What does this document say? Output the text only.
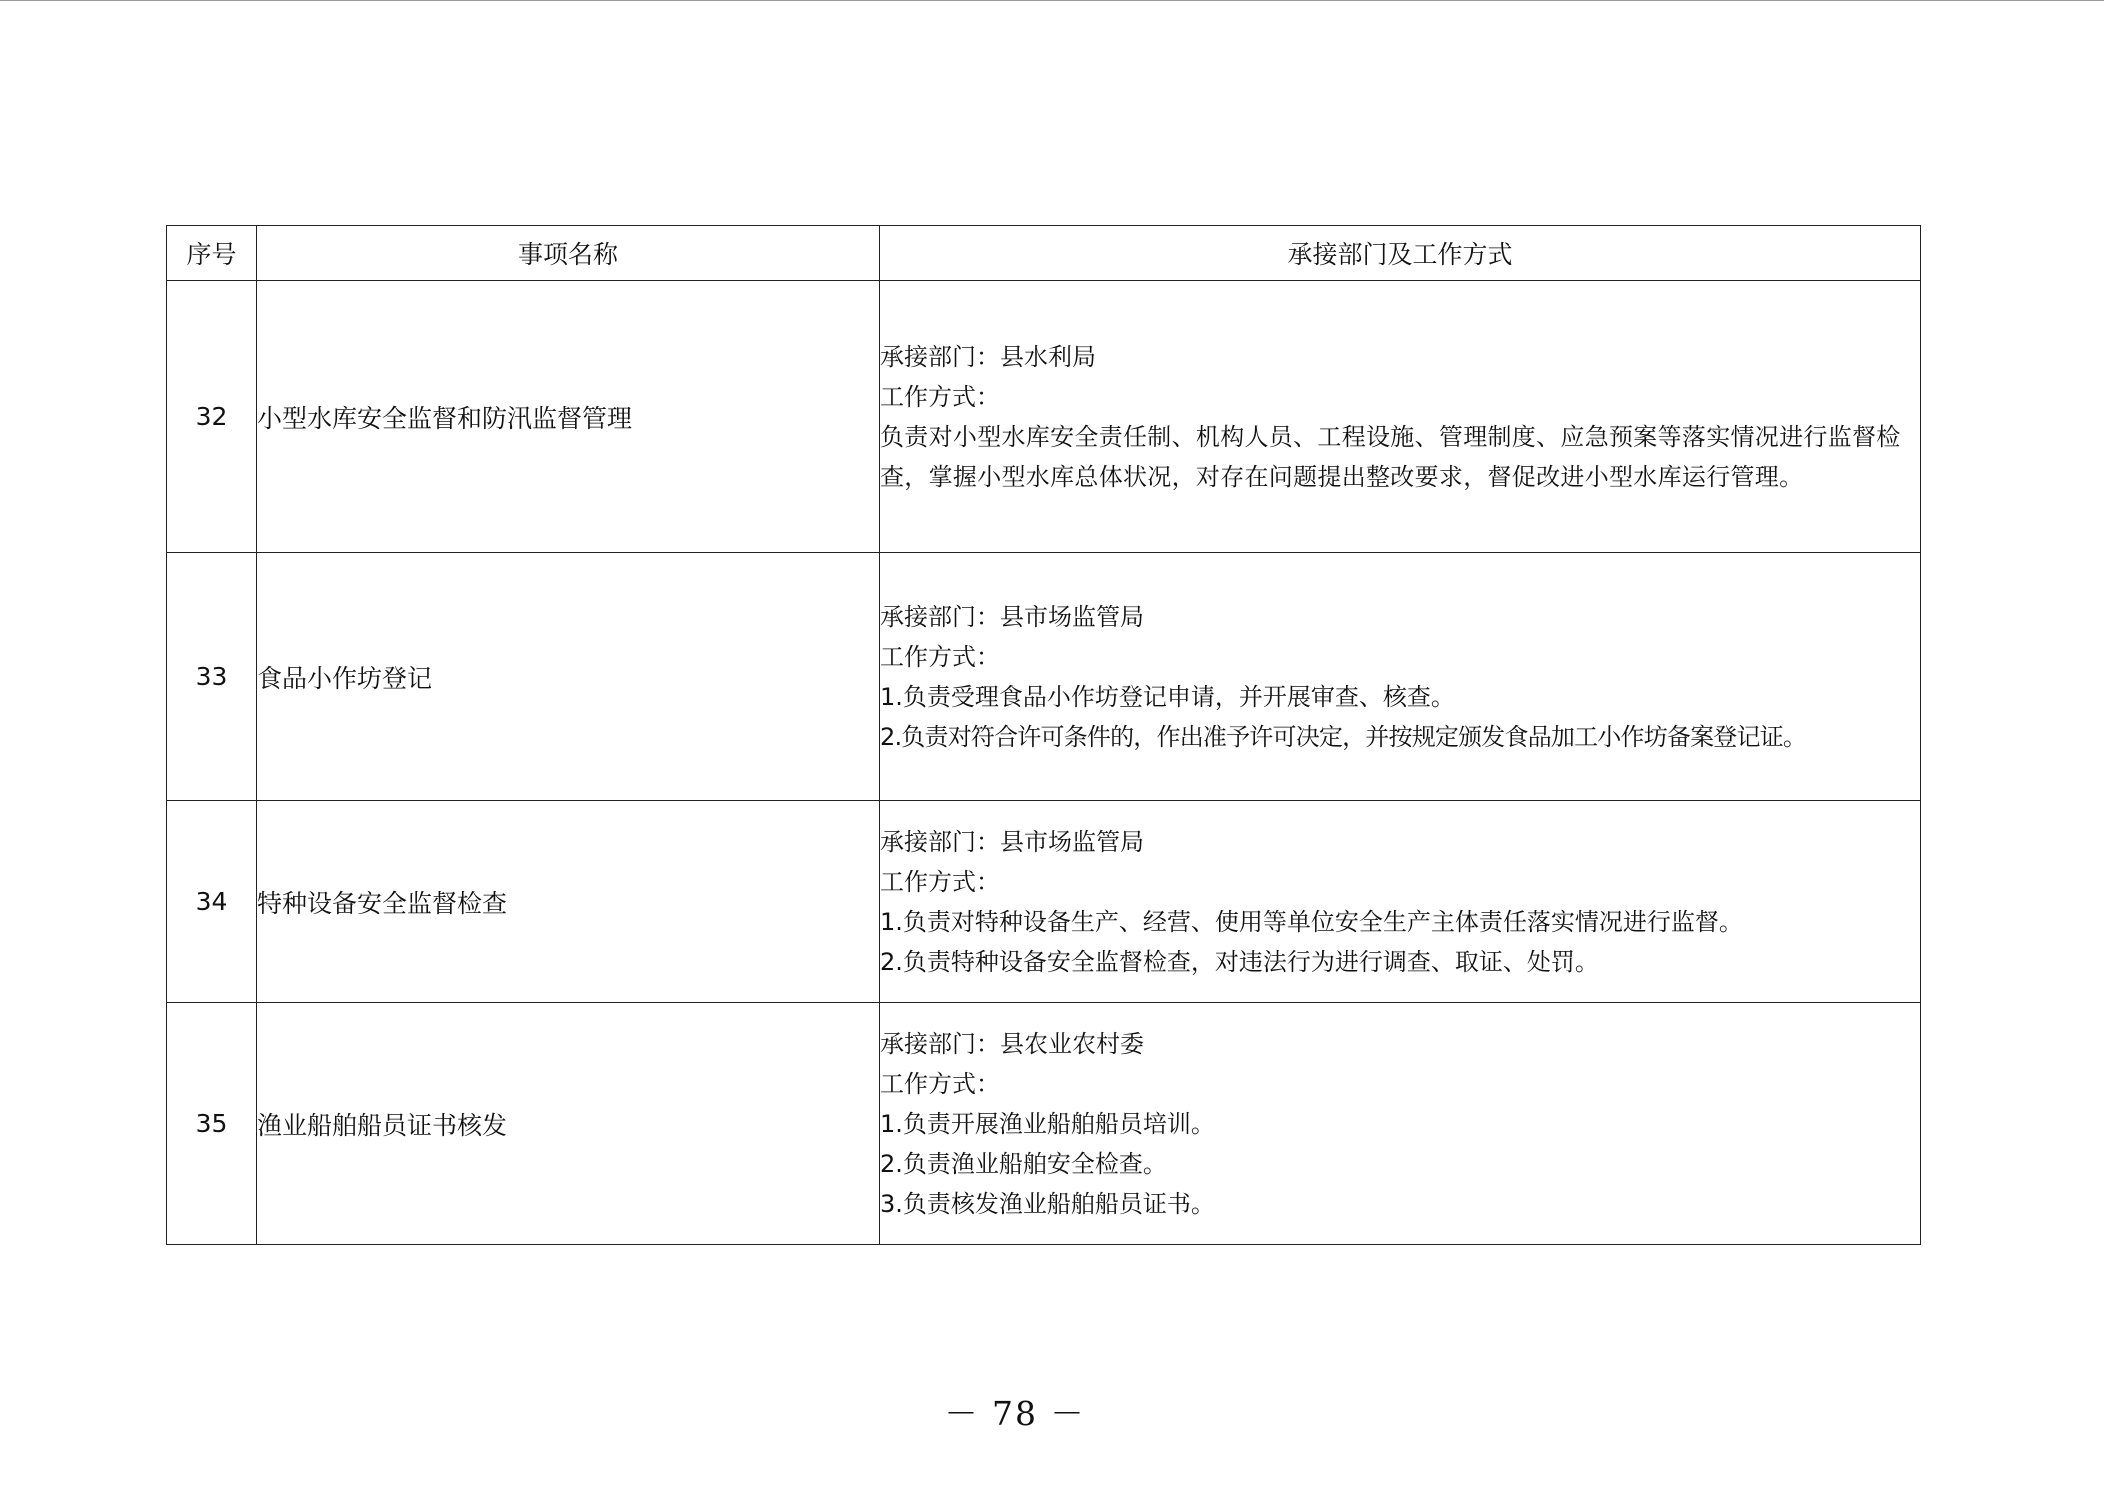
序号	事项名称	承接部门及工作方式
32	小型水库安全监督和防汛监督管理	承接部门：县水利局
工作方式：
负责对小型水库安全责任制、机构人员、工程设施、管理制度、应急预案等落实情况进行监督检查，掌握小型水库总体状况，对存在问题提出整改要求，督促改进小型水库运行管理。

33	食品小作坊登记	承接部门：县市场监管局
工作方式：
1.负责受理食品小作坊登记申请，并开展审查、核查。
2.负责对符合许可条件的，作出准予许可决定，并按规定颁发食品加工小作坊备案登记证。

34	特种设备安全监督检查	承接部门：县市场监管局
工作方式：
1.负责对特种设备生产、经营、使用等单位安全生产主体责任落实情况进行监督。
2.负责特种设备安全监督检查，对违法行为进行调查、取证、处罚。

35	渔业船舶船员证书核发	承接部门：县农业农村委
工作方式：
1.负责开展渔业船舶船员培训。
2.负责渔业船舶安全检查。
3.负责核发渔业船舶船员证书。
－ 78 －
